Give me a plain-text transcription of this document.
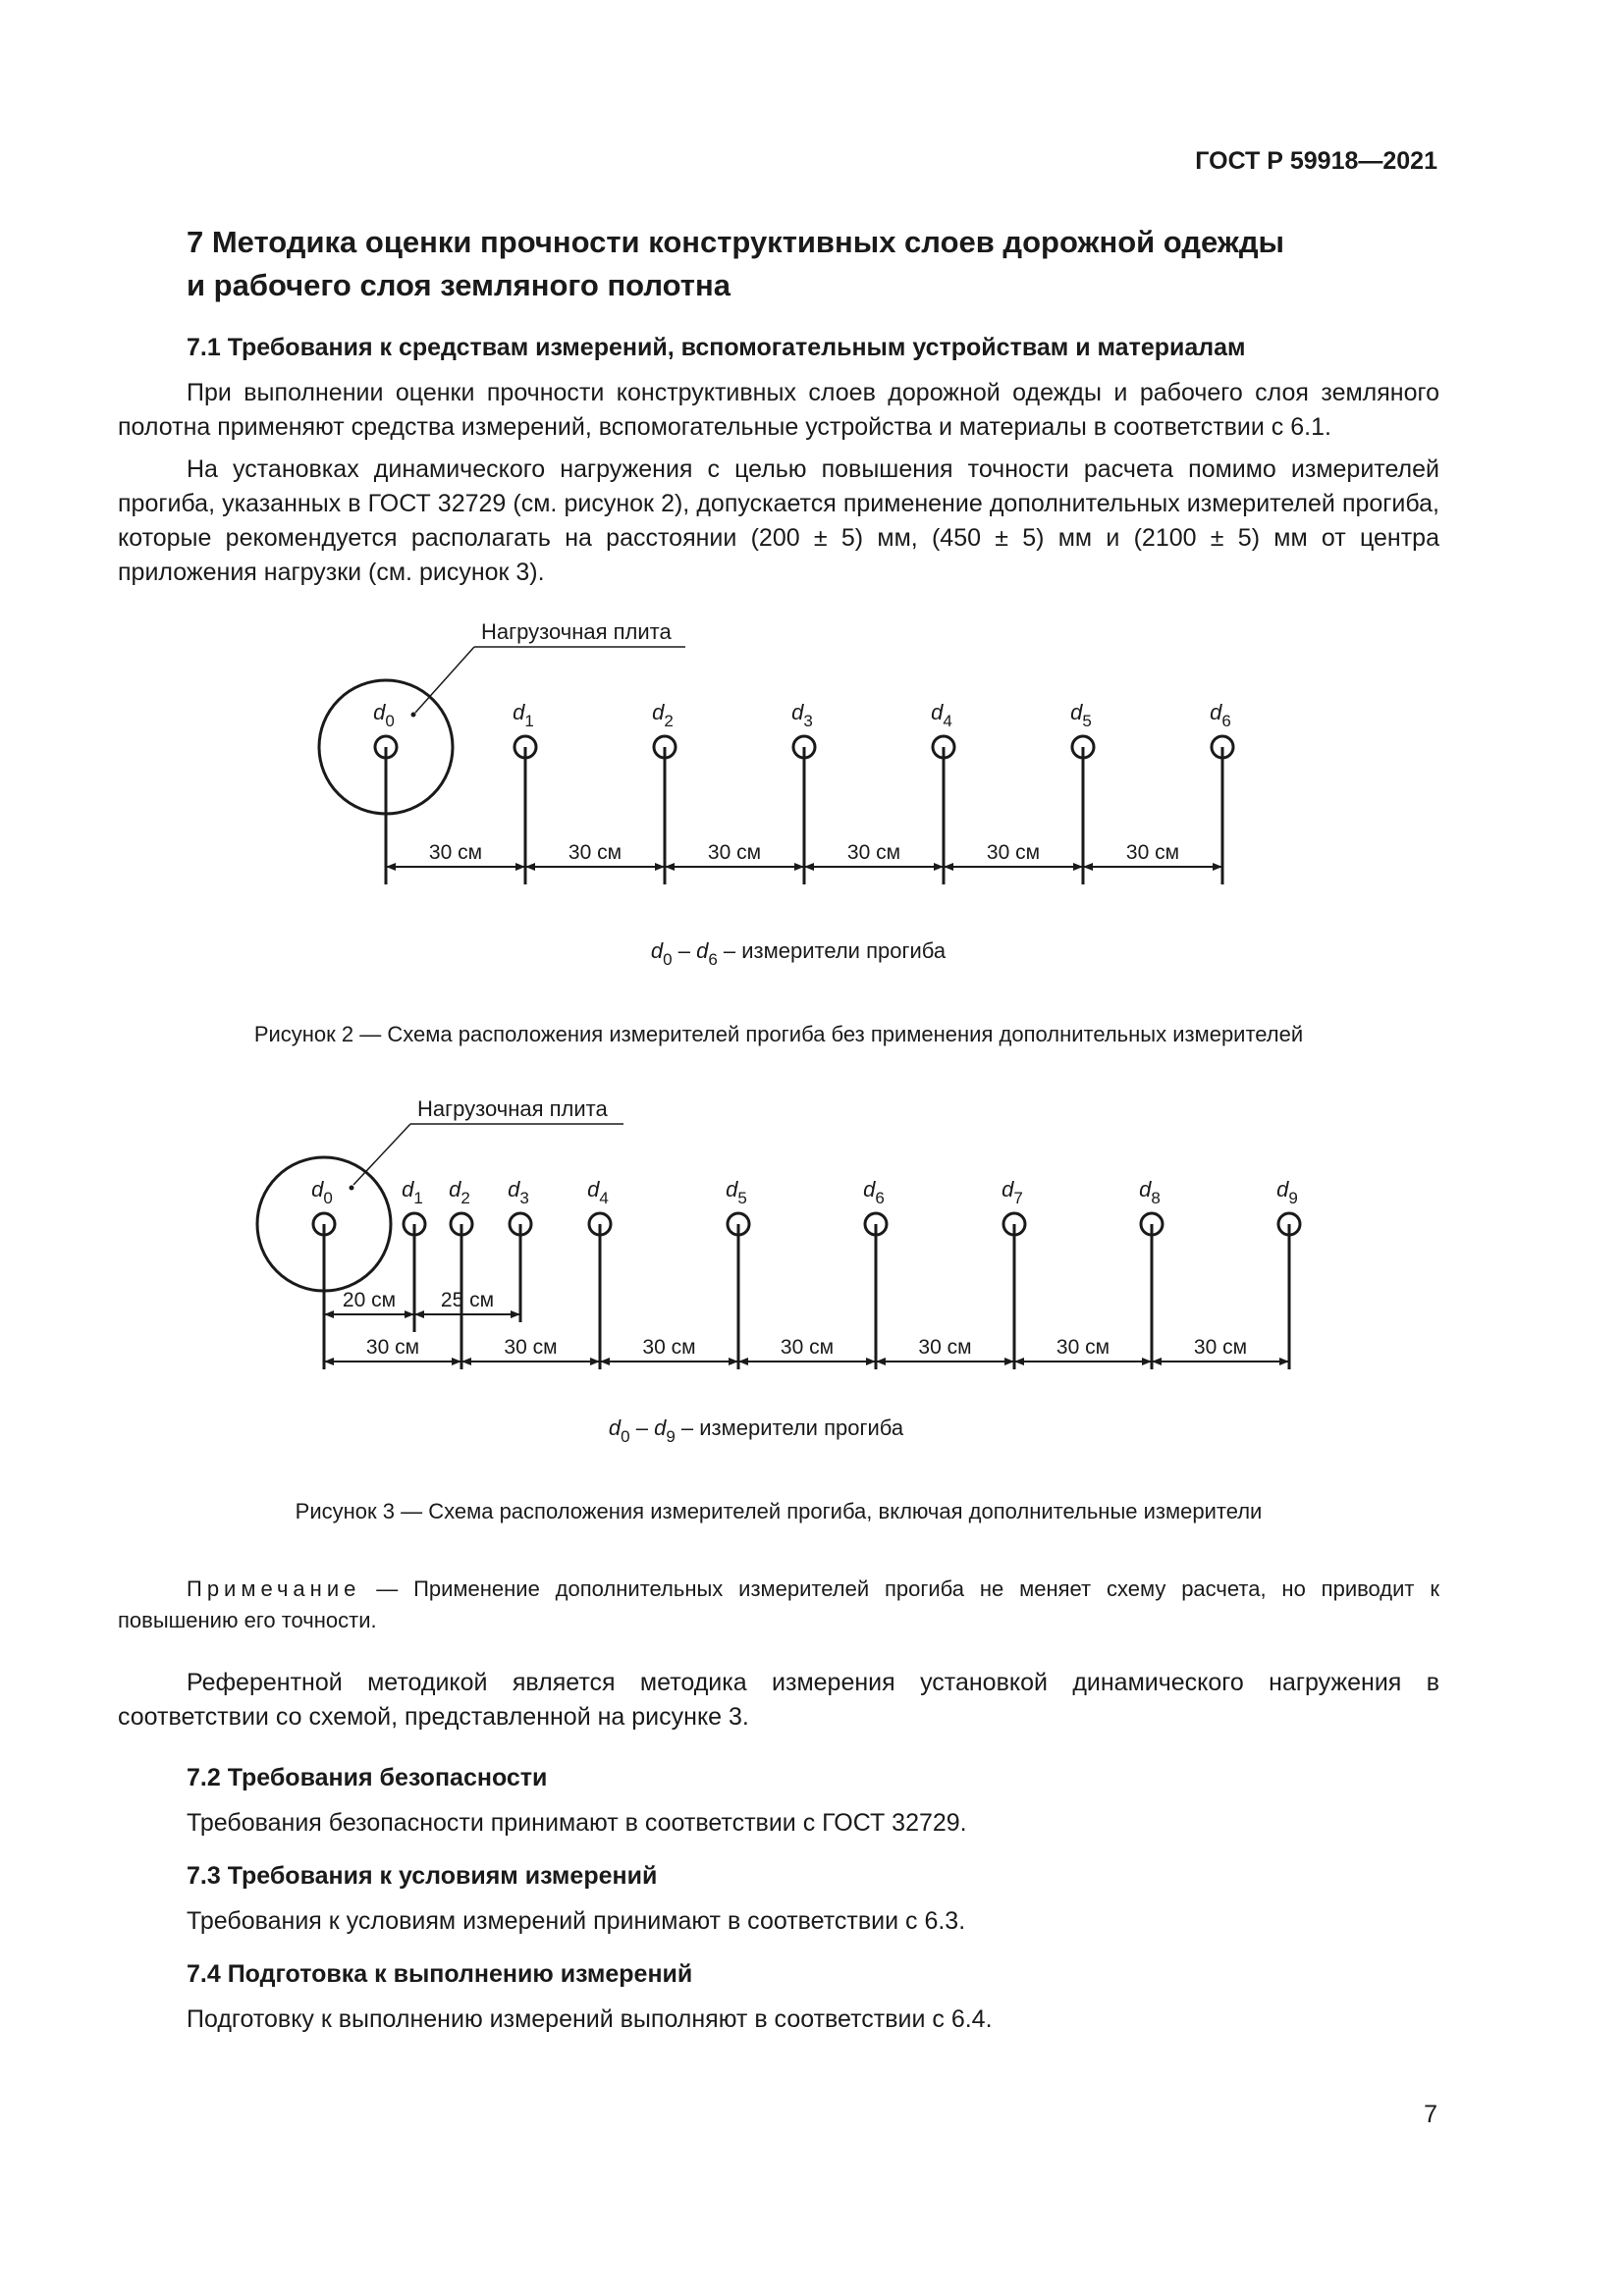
ГОСТ Р 59918—2021
7 Методика оценки прочности конструктивных слоев дорожной одежды
и рабочего слоя земляного полотна
7.1 Требования к средствам измерений, вспомогательным устройствам и материалам

При выполнении оценки прочности конструктивных слоев дорожной одежды и рабочего слоя земляного полотна применяют средства измерений, вспомогательные устройства и материалы в соответствии с 6.1.

На установках динамического нагружения с целью повышения точности расчета помимо измерителей прогиба, указанных в ГОСТ 32729 (см. рисунок 2), допускается применение дополнительных измерителей прогиба, которые рекомендуется располагать на расстоянии (200 ± 5) мм, (450 ± 5) мм и (2100 ± 5) мм от центра приложения нагрузки (см. рисунок 3).

Нагрузочная плита
$d_0$	$d_1$	$d_2$	$d_3$	$d_4$	$d_5$	$d_6$
30 см	30 см	30 см	30 см	30 см	30 см
$d_0 - d_6$ – измерители прогиба
Рисунок 2 — Схема расположения измерителей прогиба без применения дополнительных измерителей
Нагрузочная плита
$d_0$	$d_1$ $d_2$ $d_3$	$d_4$	$d_5$	$d_6$	$d_7$	$d_8$	$d_9$
20 см 25 см
30 см	30 см	30 см	30 см	30 см	30 см	30 см
$d_0 - d_9$ – измерители прогиба
Рисунок 3 — Схема расположения измерителей прогиба, включая дополнительные измерители

Примечание — Применение дополнительных измерителей прогиба не меняет схему расчета, но приводит к повышению его точности.

Референтной методикой является методика измерения установкой динамического нагружения в соответствии со схемой, представленной на рисунке 3.

7.2 Требования безопасности

Требования безопасности принимают в соответствии с ГОСТ 32729.

7.3 Требования к условиям измерений

Требования к условиям измерений принимают в соответствии с 6.3.

7.4 Подготовка к выполнению измерений

Подготовку к выполнению измерений выполняют в соответствии с 6.4.

7
